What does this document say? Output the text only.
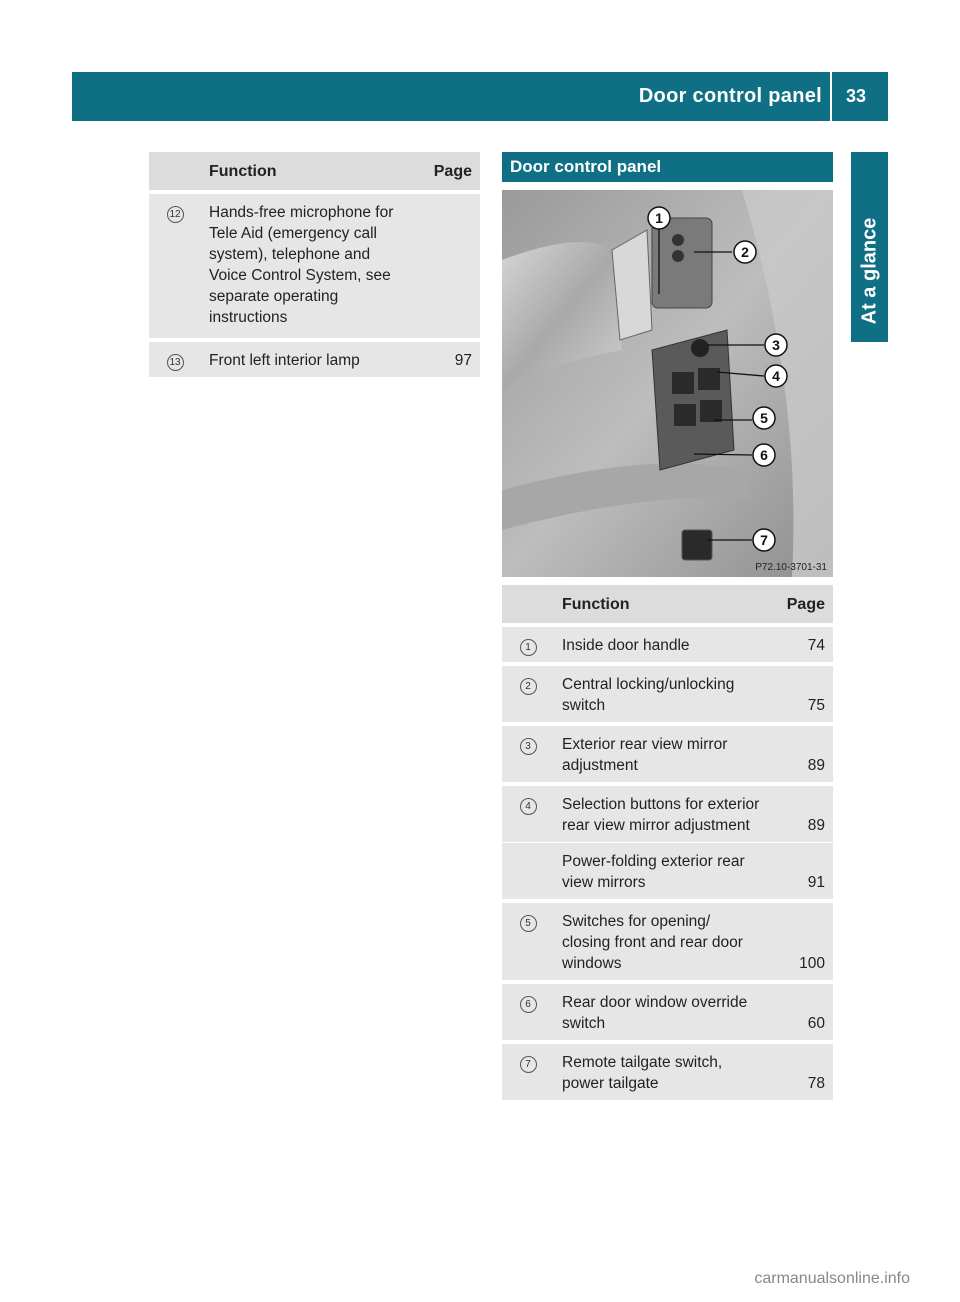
Door control panel 33
At a glance
	Function	Page
12	Hands-free microphone for Tele Aid (emergency call system), telephone and Voice Control System, see separate operating instructions	
13	Front left interior lamp	97
Door control panel
1
2
3
4
5
6
7
P72.10-3701-31
	Function	Page
1	Inside door handle	74
2	Central locking/unlocking switch	75
3	Exterior rear view mirror adjustment	89
4	Selection buttons for exterior rear view mirror adjustment	89
	Power-folding exterior rear view mirrors	91
5	Switches for opening/ closing front and rear door windows	100
6	Rear door window override switch	60
7	Remote tailgate switch, power tailgate	78
carmanualsonline.info
